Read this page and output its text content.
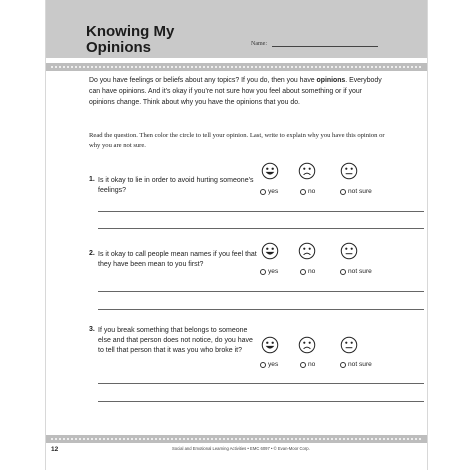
Knowing My
Opinions	Name:
Do you have feelings or beliefs about any topics? If you do, then you have opinions. Everybody can have opinions. And it’s okay if you’re not sure how you feel about something or if your opinions change. Think about why you have the opinions that you do.
Read the question. Then color the circle to tell your opinion. Last, write to explain why you have this opinion or why you are not sure.
1. Is it okay to lie in order to avoid hurting someone’s feelings?	yes	no	not sure
2. Is it okay to call people mean names if you feel that they have been mean to you first?
yes	no	not sure
3. If you break something that belongs to someone else and that person does not notice, do you have to tell that person that it was you who broke it?
yes	no	not sure
12	Social and Emotional Learning Activities • EMC 6097 • © Evan-Moor Corp.
